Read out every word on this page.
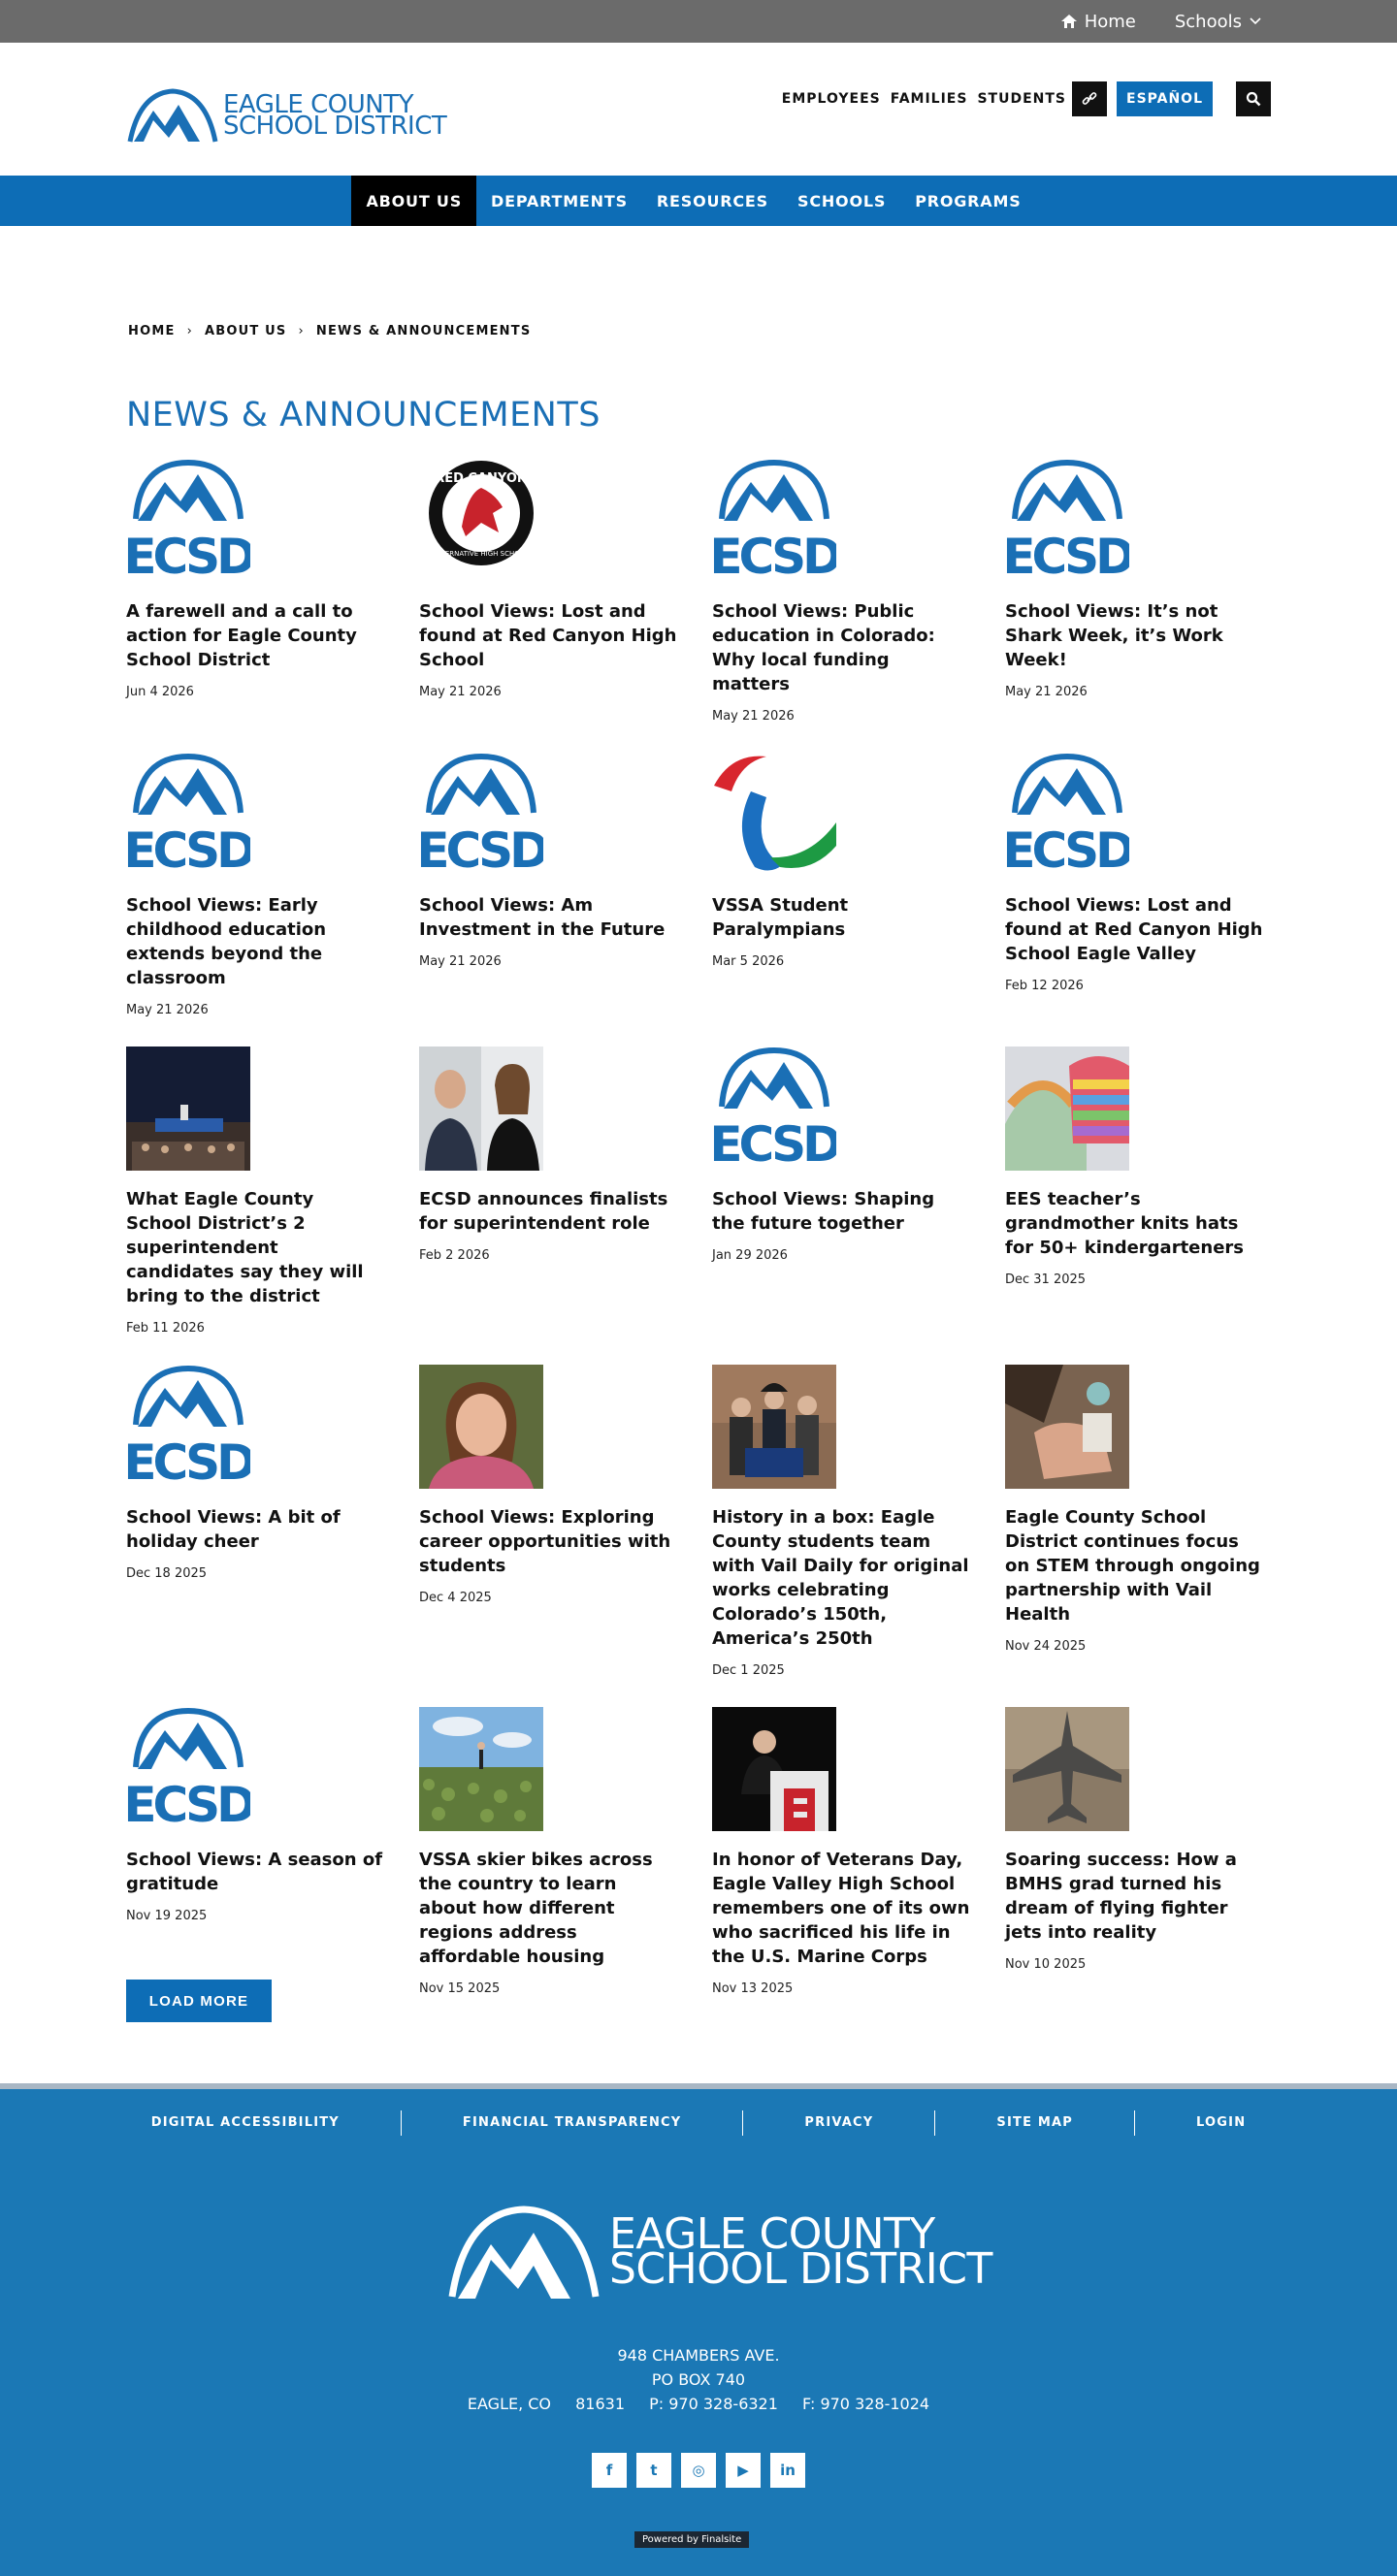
Home Schools
EAGLE COUNTY
SCHOOL DISTRICT
EMPLOYEES FAMILIES STUDENTS	ESPAÑOL
ABOUT US	DEPARTMENTS	RESOURCES	SCHOOLS	PROGRAMS
HOME › ABOUT US › NEWS & ANNOUNCEMENTS
NEWS & ANNOUNCEMENTS
ECSD
A farewell and a call to action for Eagle County School District
Jun 4 2026
RED CANYON
ALTERNATIVE HIGH SCHOOL
School Views: Lost and found at Red Canyon High School
May 21 2026
ECSD
School Views: Public education in Colorado: Why local funding matters
May 21 2026
ECSD
School Views: It’s not Shark Week, it’s Work Week!
May 21 2026
ECSD
School Views: Early childhood education extends beyond the classroom
May 21 2026
ECSD
School Views: Am Investment in the Future
May 21 2026
VSSA Student Paralympians
Mar 5 2026
ECSD
School Views: Lost and found at Red Canyon High School Eagle Valley
Feb 12 2026
What Eagle County School District’s 2 superintendent candidates say they will bring to the district
Feb 11 2026
ECSD announces finalists for superintendent role
Feb 2 2026
ECSD
School Views: Shaping the future together
Jan 29 2026
EES teacher’s grandmother knits hats for 50+ kindergarteners
Dec 31 2025
ECSD
School Views: A bit of holiday cheer
Dec 18 2025
School Views: Exploring career opportunities with students
Dec 4 2025
History in a box: Eagle County students team with Vail Daily for original works celebrating Colorado’s 150th, America’s 250th
Dec 1 2025
Eagle County School District continues focus on STEM through ongoing partnership with Vail Health
Nov 24 2025
ECSD
School Views: A season of gratitude
Nov 19 2025
VSSA skier bikes across the country to learn about how different regions address affordable housing
Nov 15 2025
In honor of Veterans Day, Eagle Valley High School remembers one of its own who sacrificed his life in the U.S. Marine Corps
Nov 13 2025
Soaring success: How a BMHS grad turned his dream of flying fighter jets into reality
Nov 10 2025
LOAD MORE
DIGITAL ACCESSIBILITY	FINANCIAL TRANSPARENCY	PRIVACY	SITE MAP	LOGIN
EAGLE COUNTY
SCHOOL DISTRICT
948 CHAMBERS AVE.
PO BOX 740
EAGLE, CO 81631 P: 970 328-6321 F: 970 328-1024
f	t	◎	▶	in
Powered by Finalsite
